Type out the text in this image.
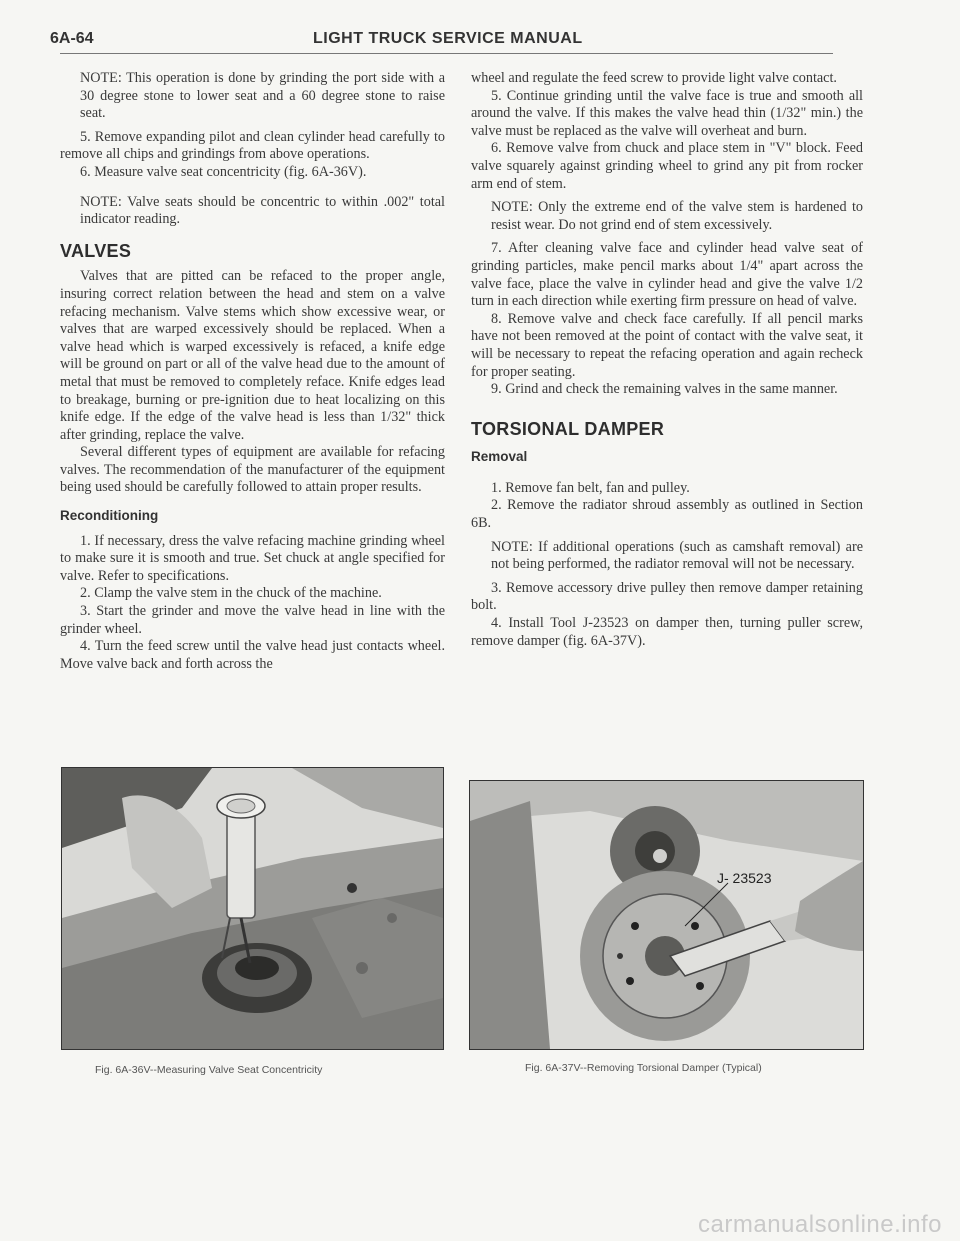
6A-64	LIGHT TRUCK SERVICE MANUAL

NOTE: This operation is done by grinding the port side with a 30 degree stone to lower seat and a 60 degree stone to raise seat.

5. Remove expanding pilot and clean cylinder head carefully to remove all chips and grindings from above operations.

6. Measure valve seat concentricity (fig. 6A-36V).

NOTE: Valve seats should be concentric to within .002" total indicator reading.

VALVES

Valves that are pitted can be refaced to the proper angle, insuring correct relation between the head and stem on a valve refacing mechanism. Valve stems which show excessive wear, or valves that are warped excessively should be replaced. When a valve head which is warped excessively is refaced, a knife edge will be ground on part or all of the valve head due to the amount of metal that must be removed to completely reface. Knife edges lead to breakage, burning or pre-ignition due to heat localizing on this knife edge. If the edge of the valve head is less than 1/32" thick after grinding, replace the valve.

Several different types of equipment are available for refacing valves. The recommendation of the manufacturer of the equipment being used should be carefully followed to attain proper results.

Reconditioning

1. If necessary, dress the valve refacing machine grinding wheel to make sure it is smooth and true. Set chuck at angle specified for valve. Refer to specifications.

2. Clamp the valve stem in the chuck of the machine.

3. Start the grinder and move the valve head in line with the grinder wheel.

4. Turn the feed screw until the valve head just contacts wheel. Move valve back and forth across the

wheel and regulate the feed screw to provide light valve contact.

5. Continue grinding until the valve face is true and smooth all around the valve. If this makes the valve head thin (1/32" min.) the valve must be replaced as the valve will overheat and burn.

6. Remove valve from chuck and place stem in "V" block. Feed valve squarely against grinding wheel to grind any pit from rocker arm end of stem.

NOTE: Only the extreme end of the valve stem is hardened to resist wear. Do not grind end of stem excessively.

7. After cleaning valve face and cylinder head valve seat of grinding particles, make pencil marks about 1/4" apart across the valve face, place the valve in cylinder head and give the valve 1/2 turn in each direction while exerting firm pressure on head of valve.

8. Remove valve and check face carefully. If all pencil marks have not been removed at the point of contact with the valve seat, it will be necessary to repeat the refacing operation and again recheck for proper seating.

9. Grind and check the remaining valves in the same manner.

TORSIONAL DAMPER
Removal

1. Remove fan belt, fan and pulley.

2. Remove the radiator shroud assembly as outlined in Section 6B.

NOTE: If additional operations (such as camshaft removal) are not being performed, the radiator removal will not be necessary.

3. Remove accessory drive pulley then remove damper retaining bolt.

4. Install Tool J-23523 on damper then, turning puller screw, remove damper (fig. 6A-37V).

Fig. 6A-36V--Measuring Valve Seat Concentricity
J- 23523
Fig. 6A-37V--Removing Torsional Damper (Typical)
carmanualsonline.info
